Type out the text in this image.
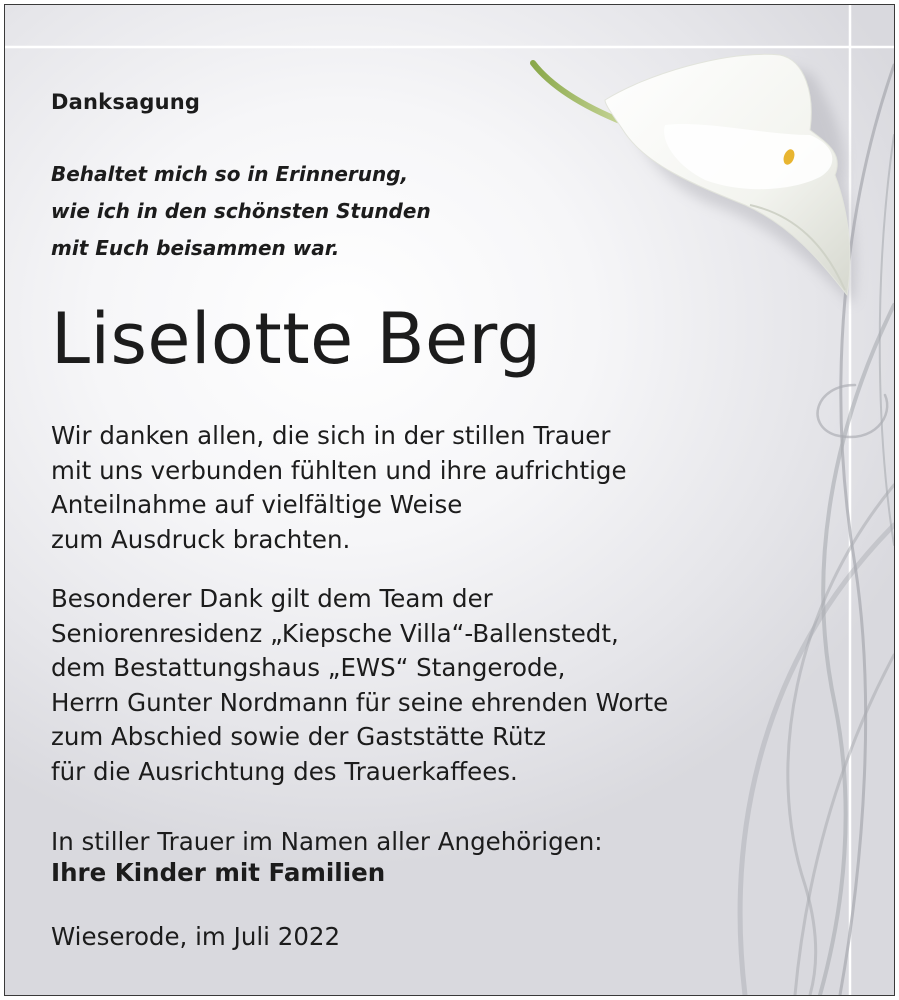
Danksagung
Behaltet mich so in Erinnerung,
wie ich in den schönsten Stunden
mit Euch beisammen war.
Liselotte Berg
Wir danken allen, die sich in der stillen Trauer
mit uns verbunden fühlten und ihre aufrichtige
Anteilnahme auf vielfältige Weise
zum Ausdruck brachten.
Besonderer Dank gilt dem Team der
Seniorenresidenz „Kiepsche Villa“-Ballenstedt,
dem Bestattungshaus „EWS“ Stangerode,
Herrn Gunter Nordmann für seine ehrenden Worte
zum Abschied sowie der Gaststätte Rütz
für die Ausrichtung des Trauerkaffees.
In stiller Trauer im Namen aller Angehörigen:
Ihre Kinder mit Familien
Wieserode, im Juli 2022
